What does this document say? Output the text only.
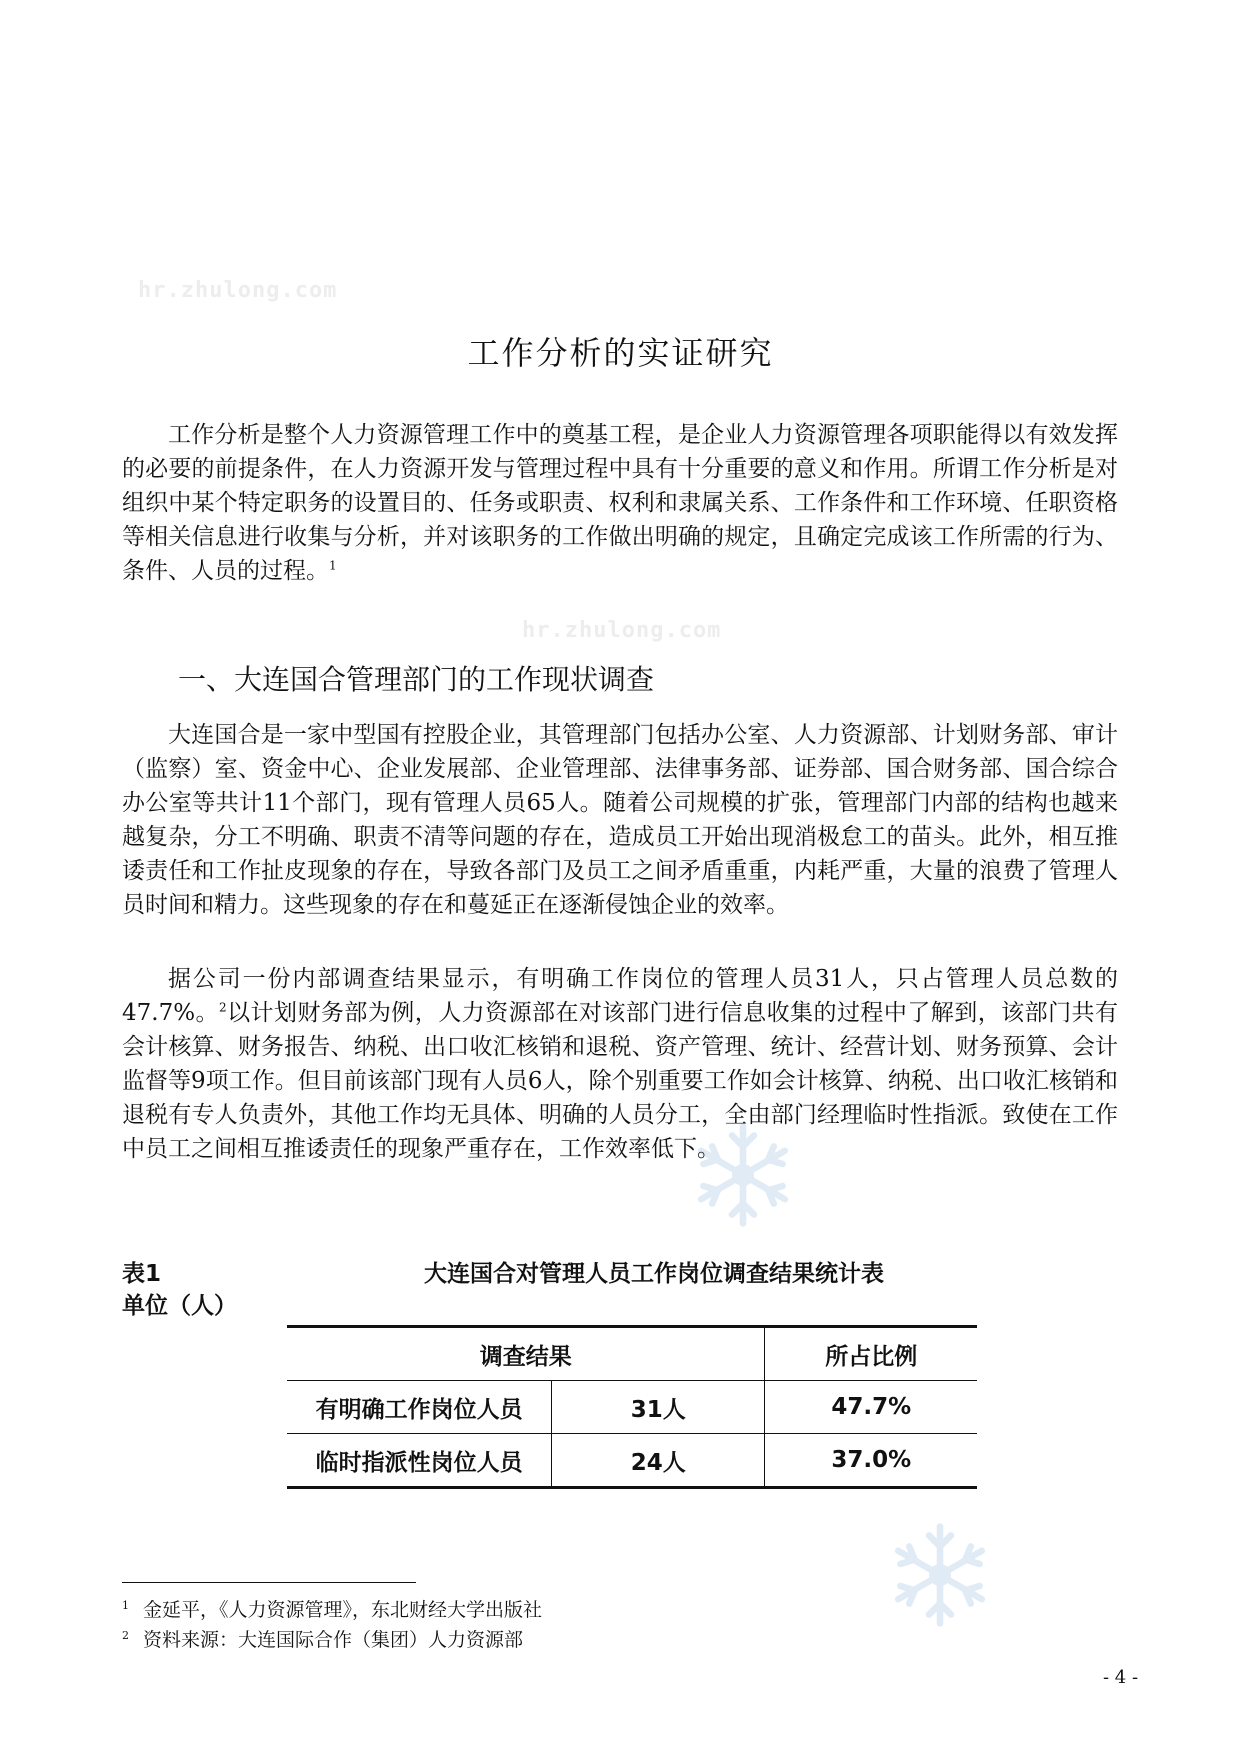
hr.zhulong.com
hr.zhulong.com
工作分析的实证研究

工作分析是整个人力资源管理工作中的奠基工程，是企业人力资源管理各项职能得以有效发挥的必要的前提条件，在人力资源开发与管理过程中具有十分重要的意义和作用。所谓工作分析是对组织中某个特定职务的设置目的、任务或职责、权利和隶属关系、工作条件和工作环境、任职资格等相关信息进行收集与分析，并对该职务的工作做出明确的规定，且确定完成该工作所需的行为、条件、人员的过程。$^1$

一、大连国合管理部门的工作现状调查

大连国合是一家中型国有控股企业，其管理部门包括办公室、人力资源部、计划财务部、审计（监察）室、资金中心、企业发展部、企业管理部、法律事务部、证券部、国合财务部、国合综合办公室等共计11个部门，现有管理人员65人。随着公司规模的扩张，管理部门内部的结构也越来越复杂，分工不明确、职责不清等问题的存在，造成员工开始出现消极怠工的苗头。此外，相互推诿责任和工作扯皮现象的存在，导致各部门及员工之间矛盾重重，内耗严重，大量的浪费了管理人员时间和精力。这些现象的存在和蔓延正在逐渐侵蚀企业的效率。

据公司一份内部调查结果显示，有明确工作岗位的管理人员31人，只占管理人员总数的47.7%。$^2$以计划财务部为例，人力资源部在对该部门进行信息收集的过程中了解到，该部门共有会计核算、财务报告、纳税、出口收汇核销和退税、资产管理、统计、经营计划、财务预算、会计监督等9项工作。但目前该部门现有人员6人，除个别重要工作如会计核算、纳税、出口收汇核销和退税有专人负责外，其他工作均无具体、明确的人员分工，全由部门经理临时性指派。致使在工作中员工之间相互推诿责任的现象严重存在，工作效率低下。

表1
单位（人）
大连国合对管理人员工作岗位调查结果统计表
调查结果		所占比例
有明确工作岗位人员	31人	47.7%
临时指派性岗位人员	24人	37.0%
$^1$ 金延平，《人力资源管理》，东北财经大学出版社
$^2$ 资料来源：大连国际合作（集团）人力资源部
- 4 -
